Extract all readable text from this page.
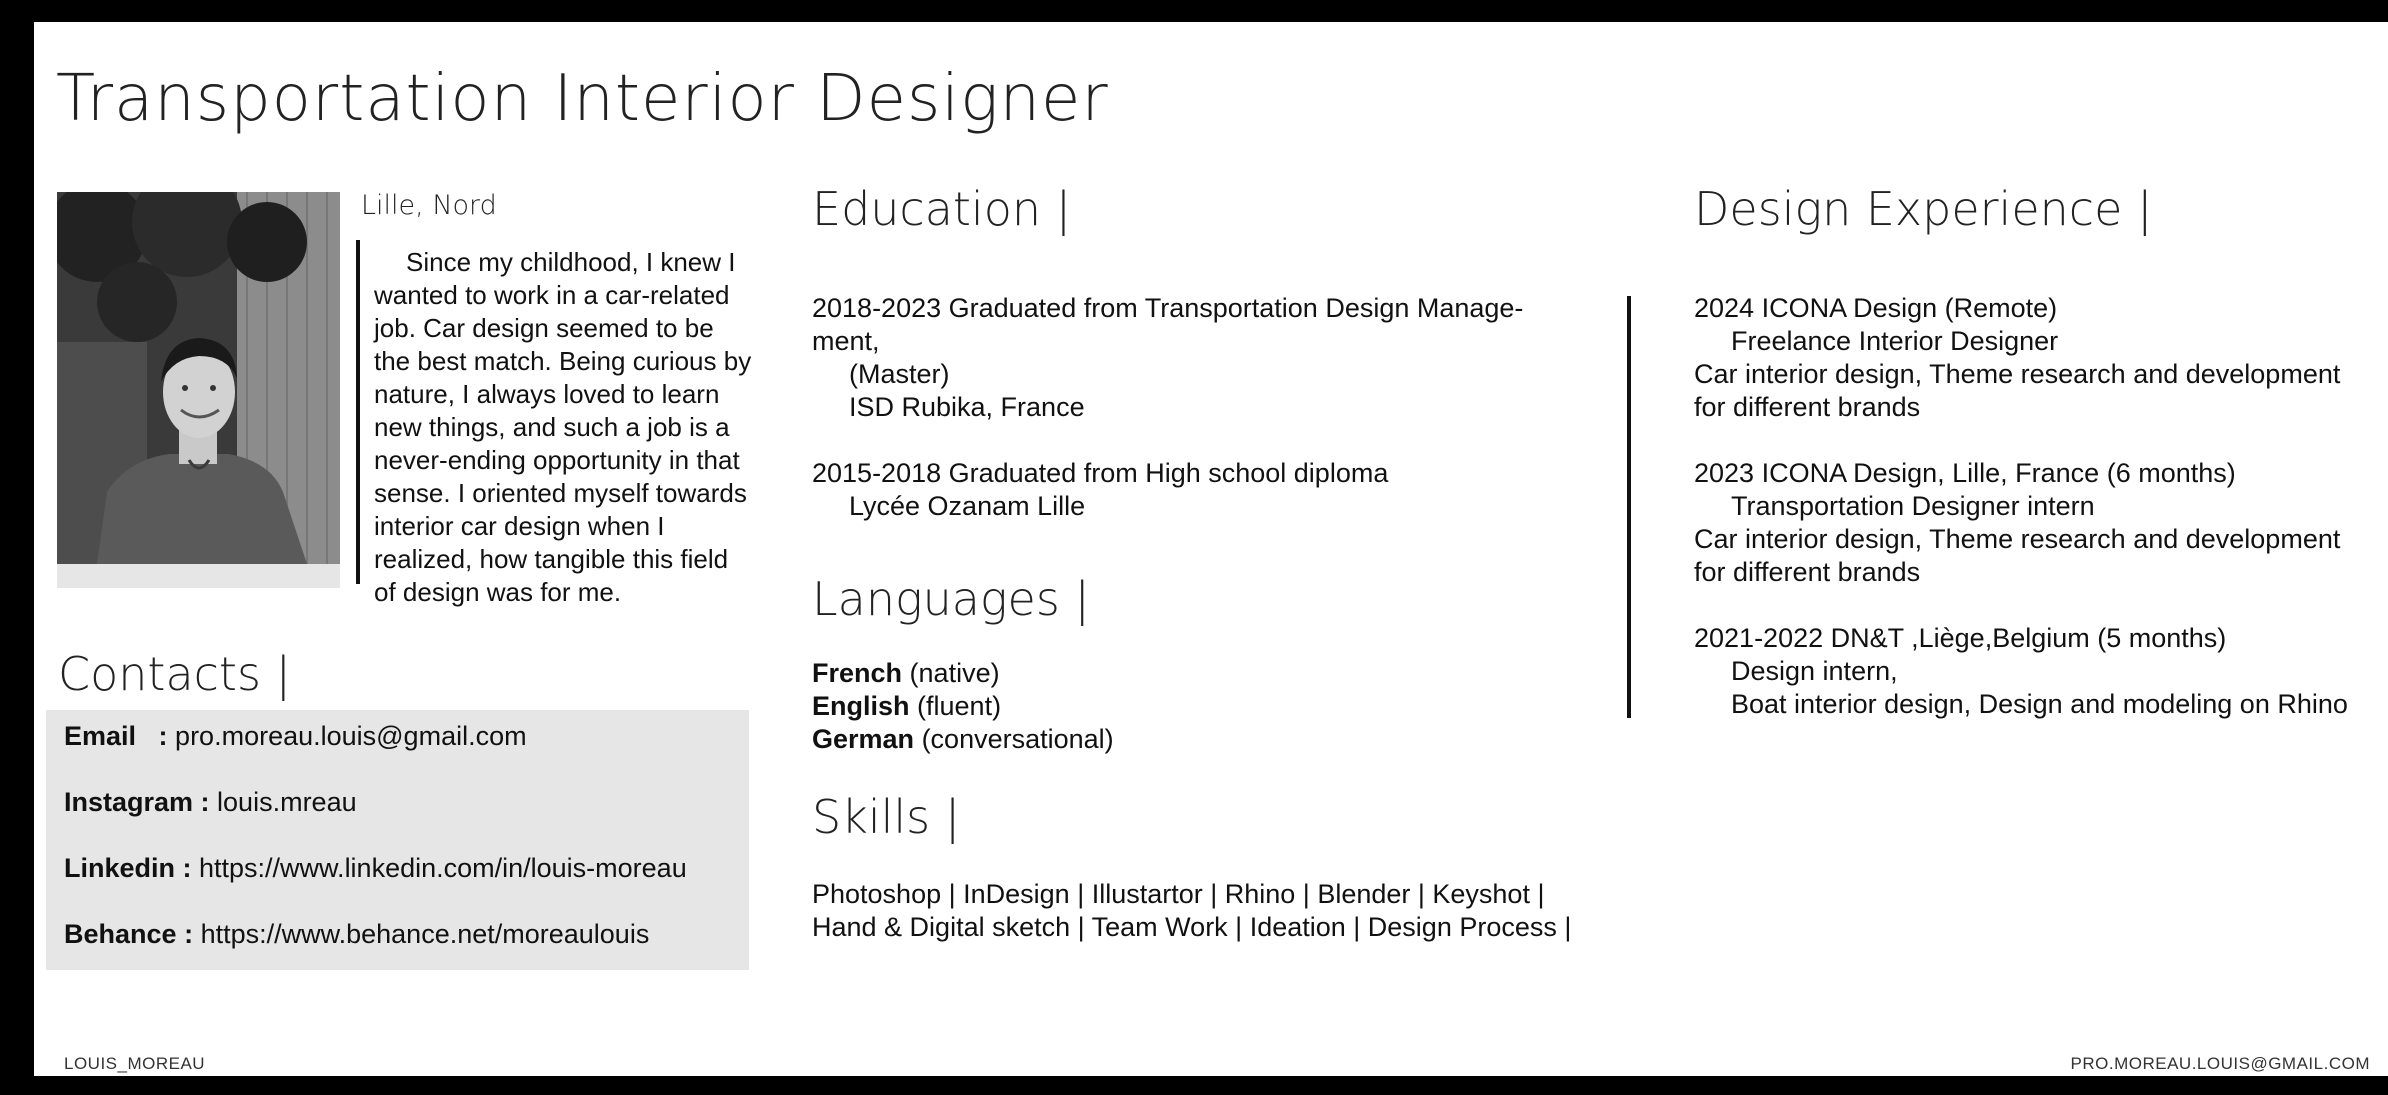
Transportation Interior Designer
Lille, Nord

Since my childhood, I knew I wanted to work in a car-related job. Car design seemed to be the best match. Being curious by nature, I always loved to learn new things, and such a job is a never-ending opportunity in that sense. I oriented myself towards interior car design when I realized, how tangible this field of design was for me.

Contacts |
Email   : pro.moreau.louis@gmail.com
Instagram : louis.mreau
Linkedin : https://www.linkedin.com/in/louis-moreau
Behance : https://www.behance.net/moreaulouis
Education |
2018-2023 Graduated from Transportation Design Manage-
ment,
(Master)
ISD Rubika, France
2015-2018 Graduated from High school diploma
Lycée Ozanam Lille
Languages |
French (native)
English (fluent)
German (conversational)
Skills |
Photoshop | InDesign | Illustartor | Rhino | Blender | Keyshot |
Hand & Digital sketch | Team Work | Ideation | Design Process |
Design Experience |
2024 ICONA Design (Remote)
Freelance Interior Designer
Car interior design, Theme research and development
for different brands
2023 ICONA Design, Lille, France (6 months)
Transportation Designer intern
Car interior design, Theme research and development
for different brands
2021-2022 DN&T ,Liège,Belgium (5 months)
Design intern,
Boat interior design, Design and modeling on Rhino
LOUIS_MOREAU	PRO.MOREAU.LOUIS@GMAIL.COM
